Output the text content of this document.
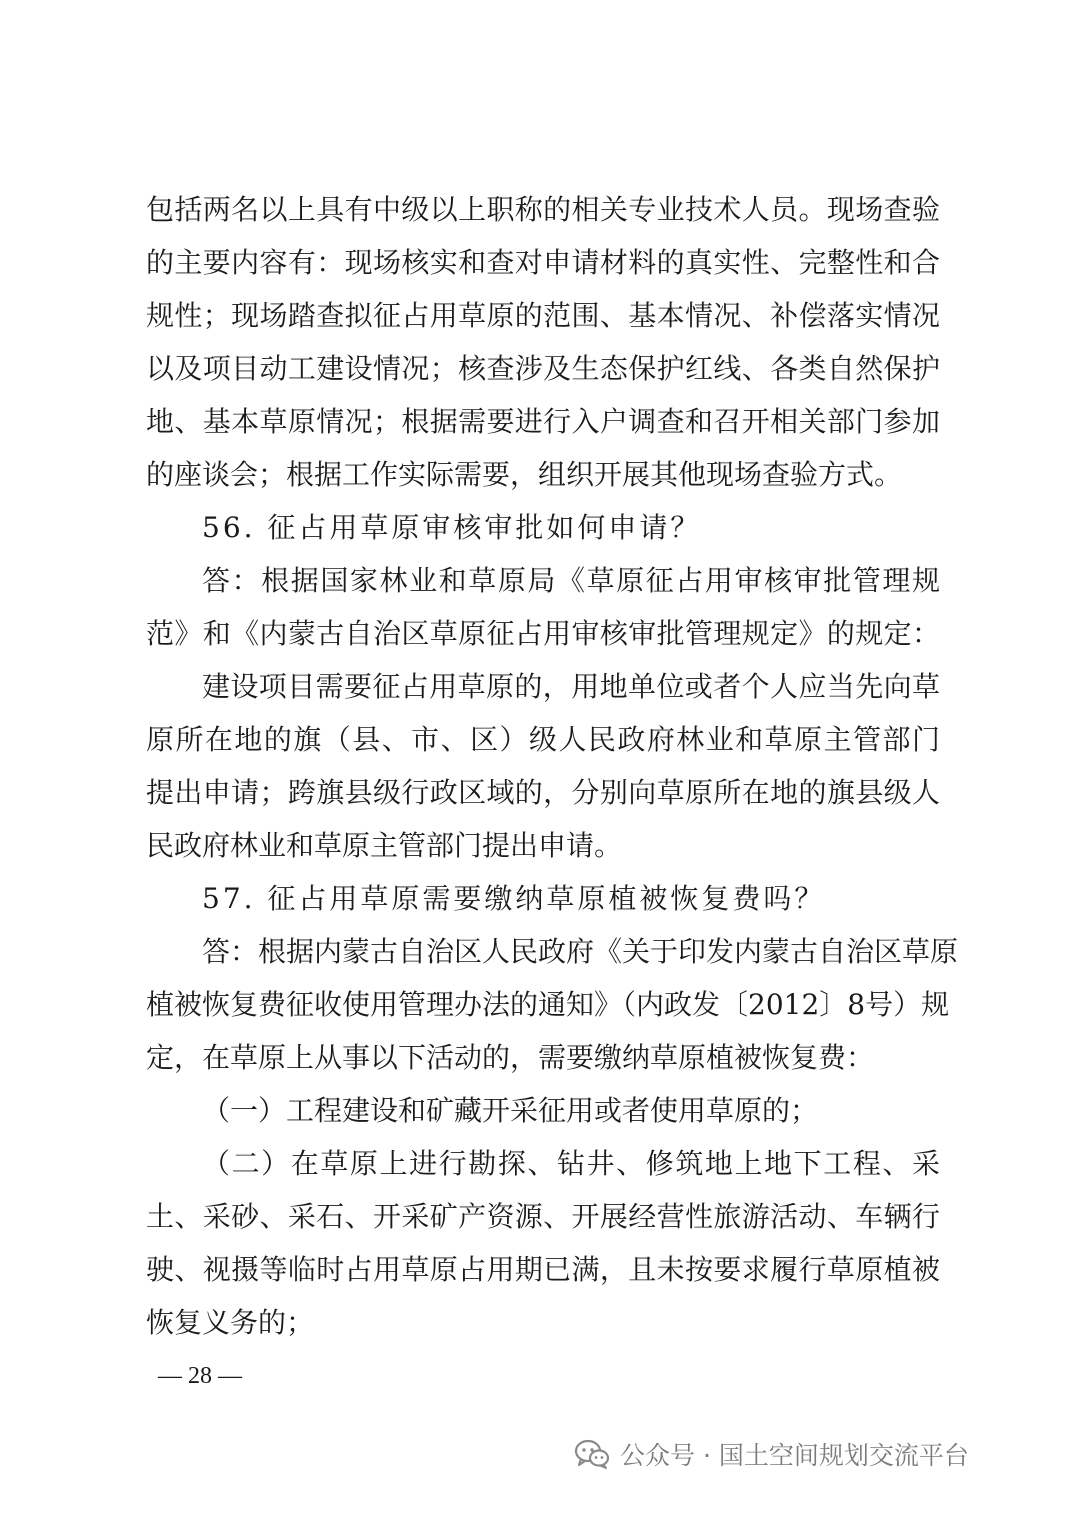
包括两名以上具有中级以上职称的相关专业技术人员。现场查验
的主要内容有：现场核实和查对申请材料的真实性、完整性和合
规性；现场踏查拟征占用草原的范围、基本情况、补偿落实情况
以及项目动工建设情况；核查涉及生态保护红线、各类自然保护
地、基本草原情况；根据需要进行入户调查和召开相关部门参加
的座谈会；根据工作实际需要，组织开展其他现场查验方式。
56. 征占用草原审核审批如何申请？
答：根据国家林业和草原局《草原征占用审核审批管理规
范》和《内蒙古自治区草原征占用审核审批管理规定》的规定：
建设项目需要征占用草原的，用地单位或者个人应当先向草
原所在地的旗（县、市、区）级人民政府林业和草原主管部门
提出申请；跨旗县级行政区域的，分别向草原所在地的旗县级人
民政府林业和草原主管部门提出申请。
57. 征占用草原需要缴纳草原植被恢复费吗？
答：根据内蒙古自治区人民政府《关于印发内蒙古自治区草原
植被恢复费征收使用管理办法的通知》（内政发〔2012〕8号）规
定，在草原上从事以下活动的，需要缴纳草原植被恢复费：
（一）工程建设和矿藏开采征用或者使用草原的；
（二）在草原上进行勘探、钻井、修筑地上地下工程、采
土、采砂、采石、开采矿产资源、开展经营性旅游活动、车辆行
驶、视摄等临时占用草原占用期已满，且未按要求履行草原植被
恢复义务的；
— 28 —
公众号 · 国土空间规划交流平台
